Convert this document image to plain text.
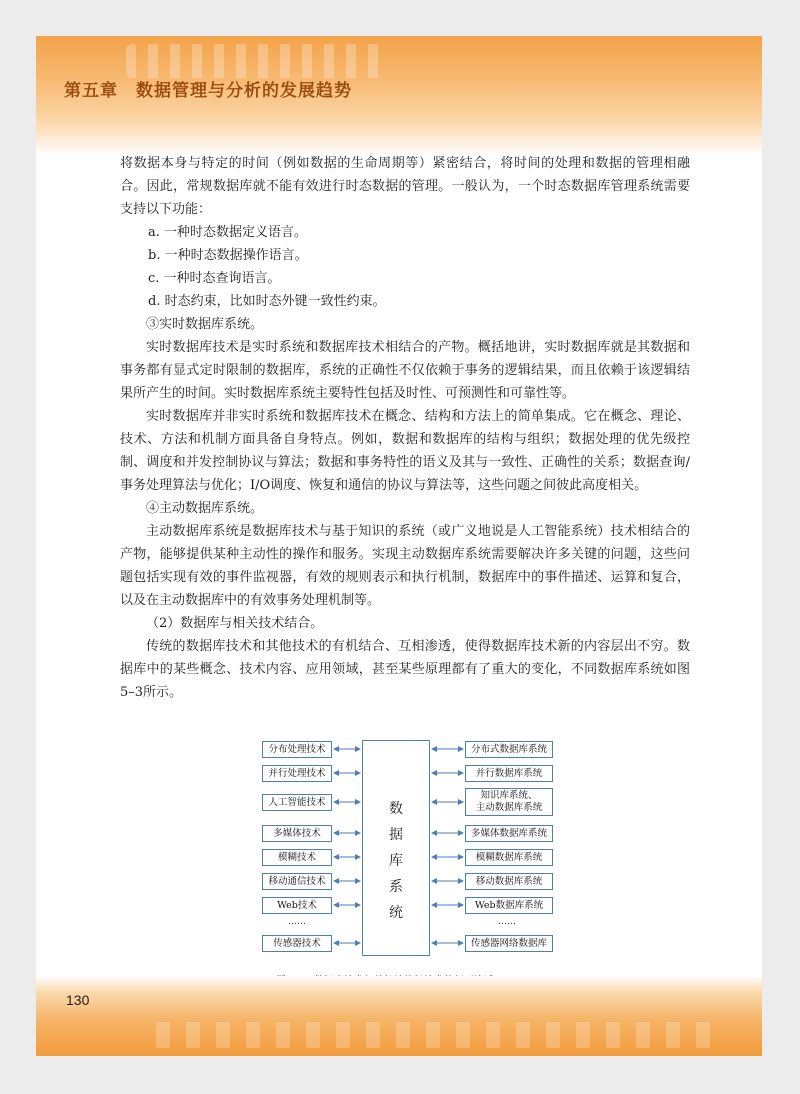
第五章　数据管理与分析的发展趋势

将数据本身与特定的时间（例如数据的生命周期等）紧密结合，将时间的处理和数据的管理相融合。因此，常规数据库就不能有效进行时态数据的管理。一般认为，一个时态数据库管理系统需要支持以下功能：

a. 一种时态数据定义语言。

b. 一种时态数据操作语言。

c. 一种时态查询语言。

d. 时态约束，比如时态外键一致性约束。

③实时数据库系统。

实时数据库技术是实时系统和数据库技术相结合的产物。概括地讲，实时数据库就是其数据和事务都有显式定时限制的数据库，系统的正确性不仅依赖于事务的逻辑结果，而且依赖于该逻辑结果所产生的时间。实时数据库系统主要特性包括及时性、可预测性和可靠性等。

实时数据库并非实时系统和数据库技术在概念、结构和方法上的简单集成。它在概念、理论、技术、方法和机制方面具备自身特点。例如，数据和数据库的结构与组织；数据处理的优先级控制、调度和并发控制协议与算法；数据和事务特性的语义及其与一致性、正确性的关系；数据查询/事务处理算法与优化；I/O调度、恢复和通信的协议与算法等，这些问题之间彼此高度相关。

④主动数据库系统。

主动数据库系统是数据库技术与基于知识的系统（或广义地说是人工智能系统）技术相结合的产物，能够提供某种主动性的操作和服务。实现主动数据库系统需要解决许多关键的问题，这些问题包括实现有效的事件监视器，有效的规则表示和执行机制，数据库中的事件描述、运算和复合，以及在主动数据库中的有效事务处理机制等。

（2）数据库与相关技术结合。

传统的数据库技术和其他技术的有机结合、互相渗透，使得数据库技术新的内容层出不穷。数据库中的某些概念、技术内容、应用领域，甚至某些原理都有了重大的变化，不同数据库系统如图5–3所示。

数
据
库
系
统
分布处理技术
并行处理技术
人工智能技术
多媒体技术
模糊技术
移动通信技术
Web技术
……
传感器技术
分布式数据库系统
并行数据库系统
知识库系统、
主动数据库系统
多媒体数据库系统
模糊数据库系统
移动数据库系统
Web数据库系统
……
传感器网络数据库
130
